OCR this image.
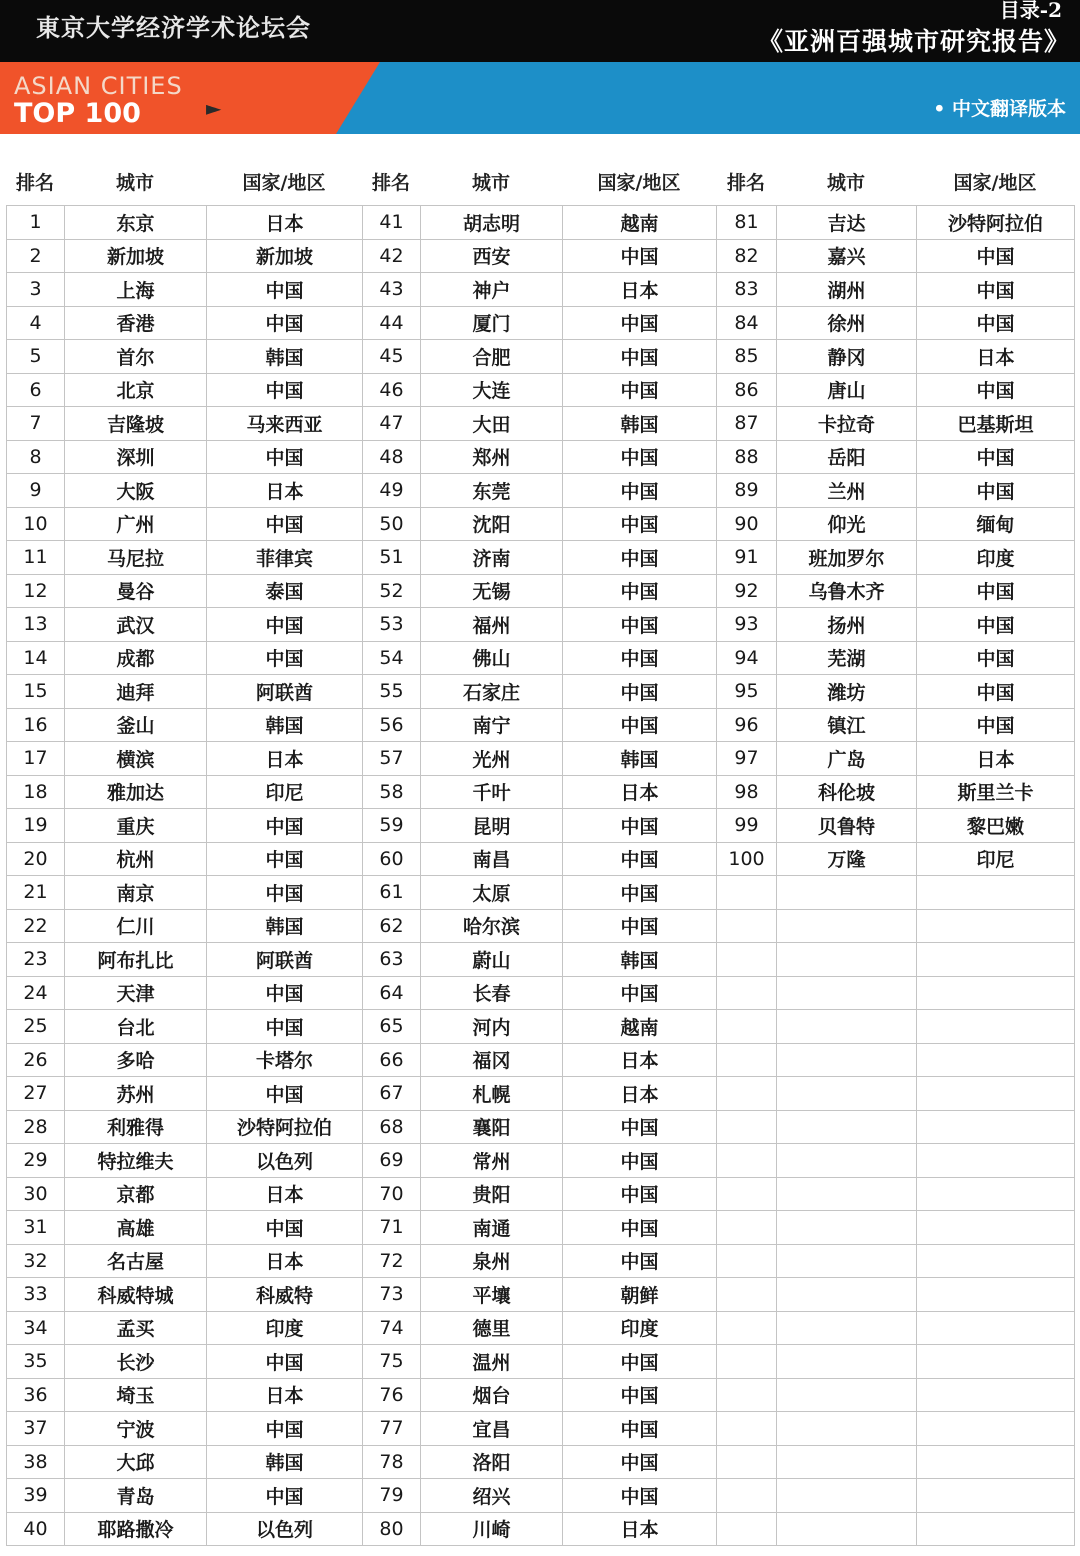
東京大学经济学术论坛会
目录-2
《亚洲百强城市研究报告》
ASIAN CITIES
TOP 100	►	• 中文翻译版本
排名	城市	国家/地区	排名	城市	国家/地区	排名	城市	国家/地区
1	东京	日本	41	胡志明	越南	81	吉达	沙特阿拉伯
2	新加坡	新加坡	42	西安	中国	82	嘉兴	中国
3	上海	中国	43	神户	日本	83	湖州	中国
4	香港	中国	44	厦门	中国	84	徐州	中国
5	首尔	韩国	45	合肥	中国	85	静冈	日本
6	北京	中国	46	大连	中国	86	唐山	中国
7	吉隆坡	马来西亚	47	大田	韩国	87	卡拉奇	巴基斯坦
8	深圳	中国	48	郑州	中国	88	岳阳	中国
9	大阪	日本	49	东莞	中国	89	兰州	中国
10	广州	中国	50	沈阳	中国	90	仰光	缅甸
11	马尼拉	菲律宾	51	济南	中国	91	班加罗尔	印度
12	曼谷	泰国	52	无锡	中国	92	乌鲁木齐	中国
13	武汉	中国	53	福州	中国	93	扬州	中国
14	成都	中国	54	佛山	中国	94	芜湖	中国
15	迪拜	阿联酋	55	石家庄	中国	95	潍坊	中国
16	釜山	韩国	56	南宁	中国	96	镇江	中国
17	横滨	日本	57	光州	韩国	97	广岛	日本
18	雅加达	印尼	58	千叶	日本	98	科伦坡	斯里兰卡
19	重庆	中国	59	昆明	中国	99	贝鲁特	黎巴嫩
20	杭州	中国	60	南昌	中国	100	万隆	印尼
21	南京	中国	61	太原	中国			
22	仁川	韩国	62	哈尔滨	中国			
23	阿布扎比	阿联酋	63	蔚山	韩国			
24	天津	中国	64	长春	中国			
25	台北	中国	65	河内	越南			
26	多哈	卡塔尔	66	福冈	日本			
27	苏州	中国	67	札幌	日本			
28	利雅得	沙特阿拉伯	68	襄阳	中国			
29	特拉维夫	以色列	69	常州	中国			
30	京都	日本	70	贵阳	中国			
31	高雄	中国	71	南通	中国			
32	名古屋	日本	72	泉州	中国			
33	科威特城	科威特	73	平壤	朝鲜			
34	孟买	印度	74	德里	印度			
35	长沙	中国	75	温州	中国			
36	埼玉	日本	76	烟台	中国			
37	宁波	中国	77	宜昌	中国			
38	大邱	韩国	78	洛阳	中国			
39	青岛	中国	79	绍兴	中国			
40	耶路撒冷	以色列	80	川崎	日本			
